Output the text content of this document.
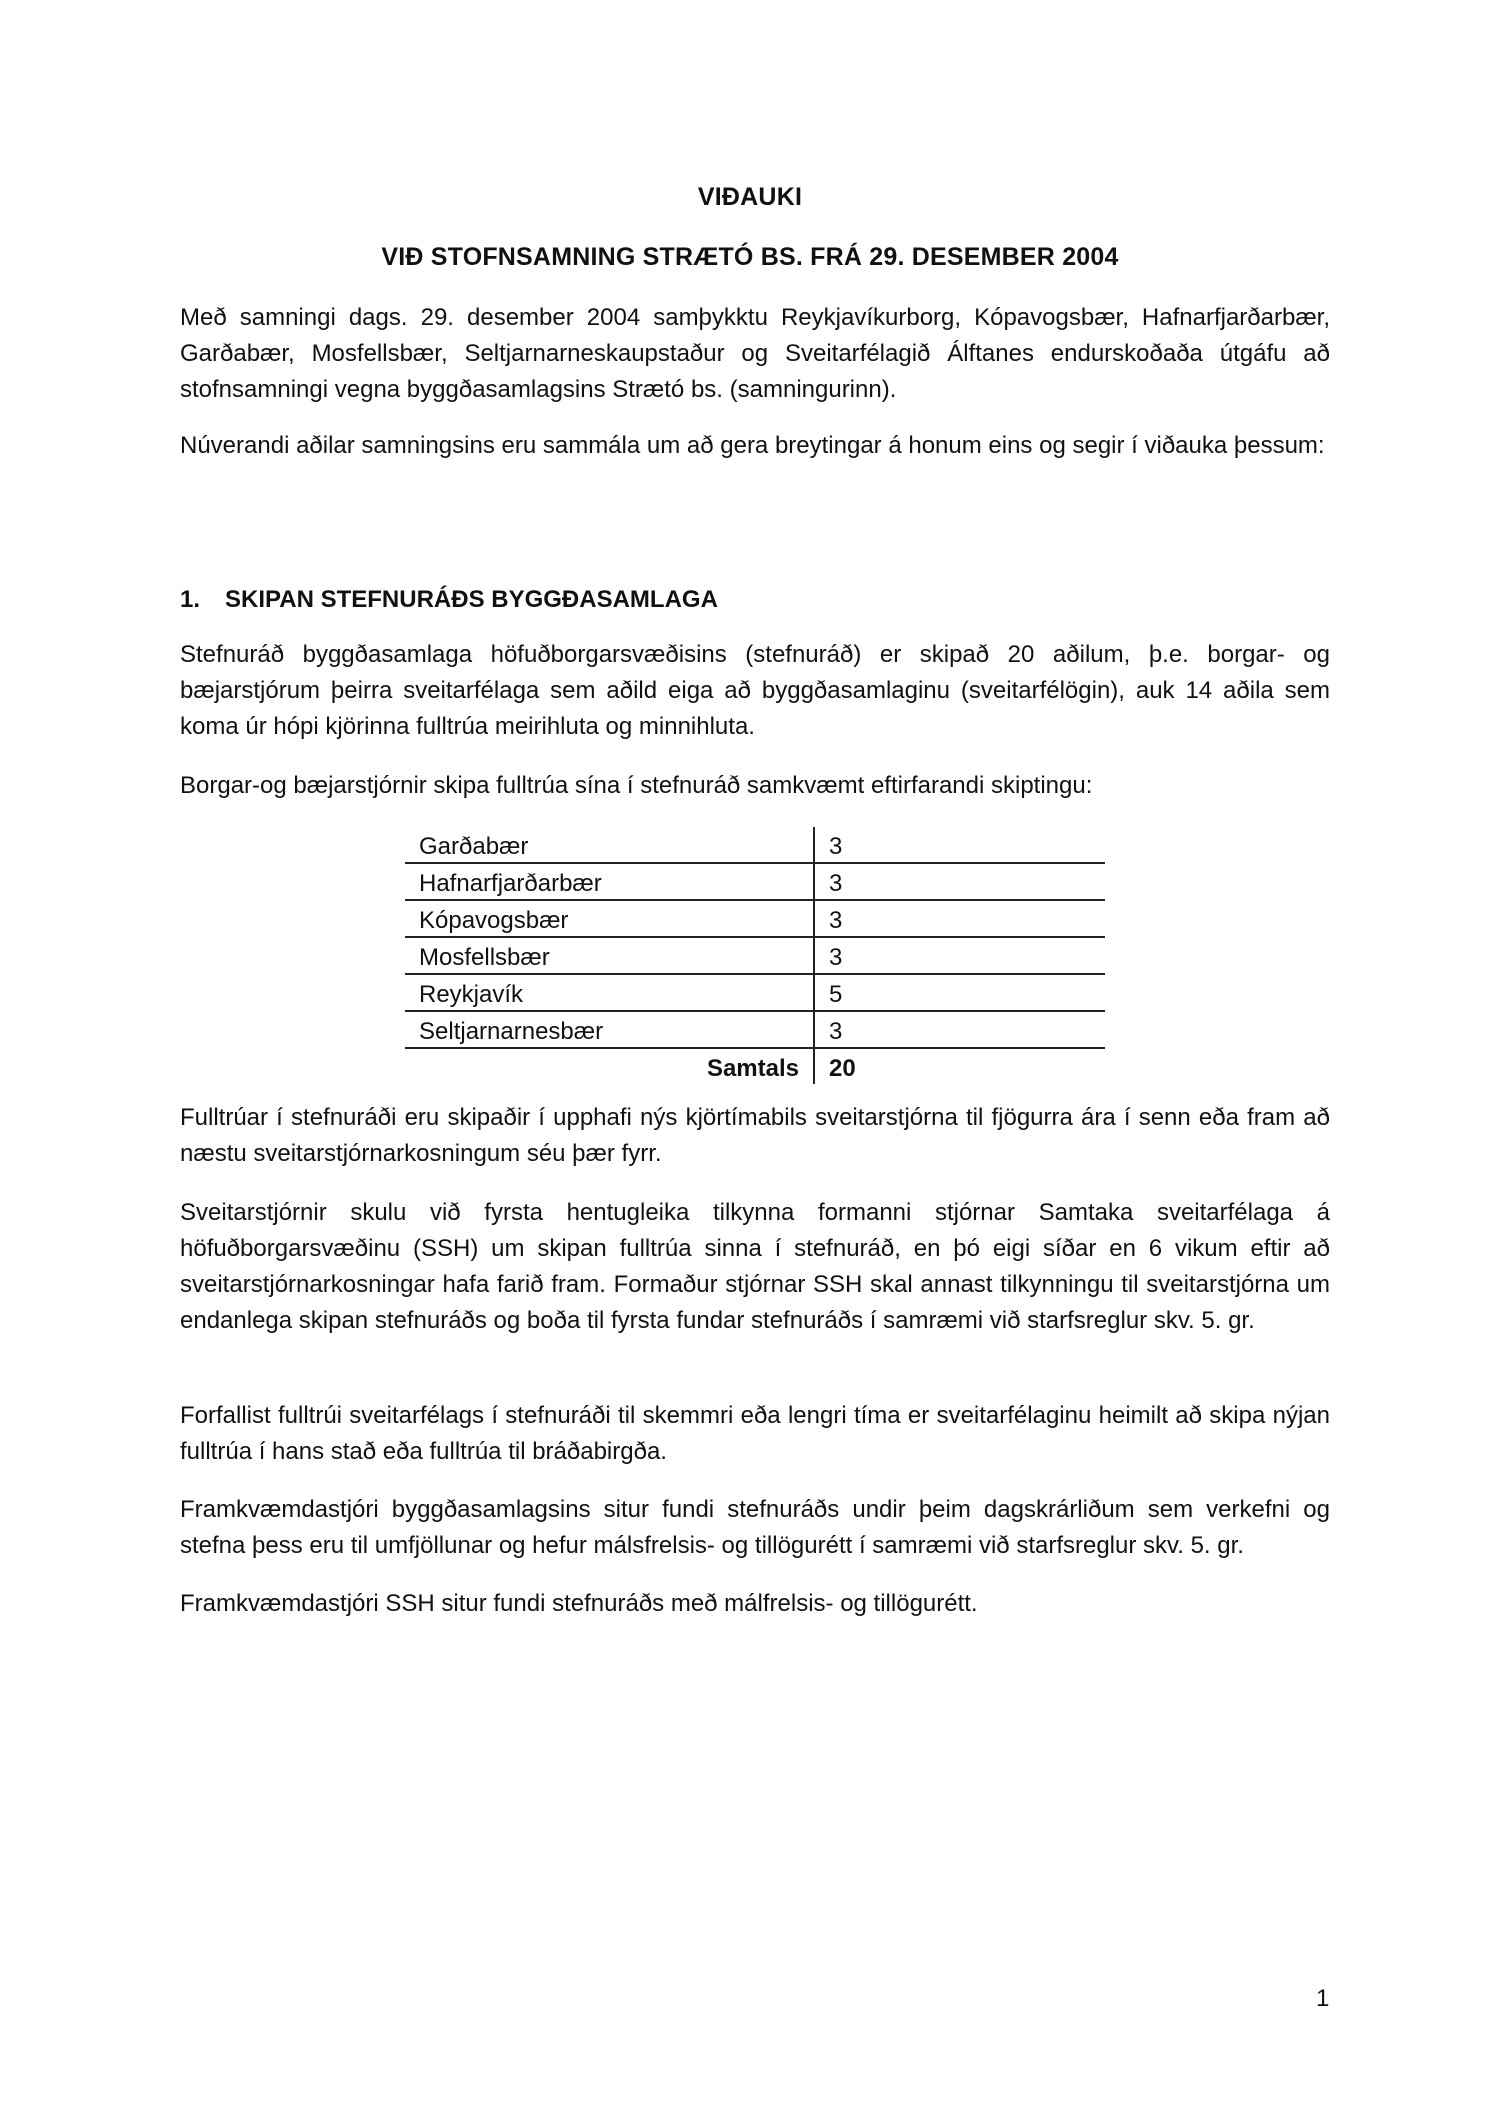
VIÐAUKI
VIÐ STOFNSAMNING STRÆTÓ BS. FRÁ 29. DESEMBER 2004

Með samningi dags. 29. desember 2004 samþykktu Reykjavíkurborg, Kópavogsbær, Hafnarfjarðarbær, Garðabær, Mosfellsbær, Seltjarnarneskaupstaður og Sveitarfélagið Álftanes endurskoðaða útgáfu að stofnsamningi vegna byggðasamlagsins Strætó bs. (samningurinn).

Núverandi aðilar samningsins eru sammála um að gera breytingar á honum eins og segir í viðauka þessum:

1. SKIPAN STEFNURÁÐS BYGGÐASAMLAGA

Stefnuráð byggðasamlaga höfuðborgarsvæðisins (stefnuráð) er skipað 20 aðilum, þ.e. borgar- og bæjarstjórum þeirra sveitarfélaga sem aðild eiga að byggðasamlaginu (sveitarfélögin), auk 14 aðila sem koma úr hópi kjörinna fulltrúa meirihluta og minnihluta.

Borgar-og bæjarstjórnir skipa fulltrúa sína í stefnuráð samkvæmt eftirfarandi skiptingu:

Garðabær	3
Hafnarfjarðarbær	3
Kópavogsbær	3
Mosfellsbær	3
Reykjavík	5
Seltjarnarnesbær	3
Samtals	20

Fulltrúar í stefnuráði eru skipaðir í upphafi nýs kjörtímabils sveitarstjórna til fjögurra ára í senn eða fram að næstu sveitarstjórnarkosningum séu þær fyrr.

Sveitarstjórnir skulu við fyrsta hentugleika tilkynna formanni stjórnar Samtaka sveitarfélaga á höfuðborgarsvæðinu (SSH) um skipan fulltrúa sinna í stefnuráð, en þó eigi síðar en 6 vikum eftir að sveitarstjórnarkosningar hafa farið fram. Formaður stjórnar SSH skal annast tilkynningu til sveitarstjórna um endanlega skipan stefnuráðs og boða til fyrsta fundar stefnuráðs í samræmi við starfsreglur skv. 5. gr.

Forfallist fulltrúi sveitarfélags í stefnuráði til skemmri eða lengri tíma er sveitarfélaginu heimilt að skipa nýjan fulltrúa í hans stað eða fulltrúa til bráðabirgða.

Framkvæmdastjóri byggðasamlagsins situr fundi stefnuráðs undir þeim dagskrárliðum sem verkefni og stefna þess eru til umfjöllunar og hefur málsfrelsis- og tillögurétt í samræmi við starfsreglur skv. 5. gr.

Framkvæmdastjóri SSH situr fundi stefnuráðs með málfrelsis- og tillögurétt.

1
